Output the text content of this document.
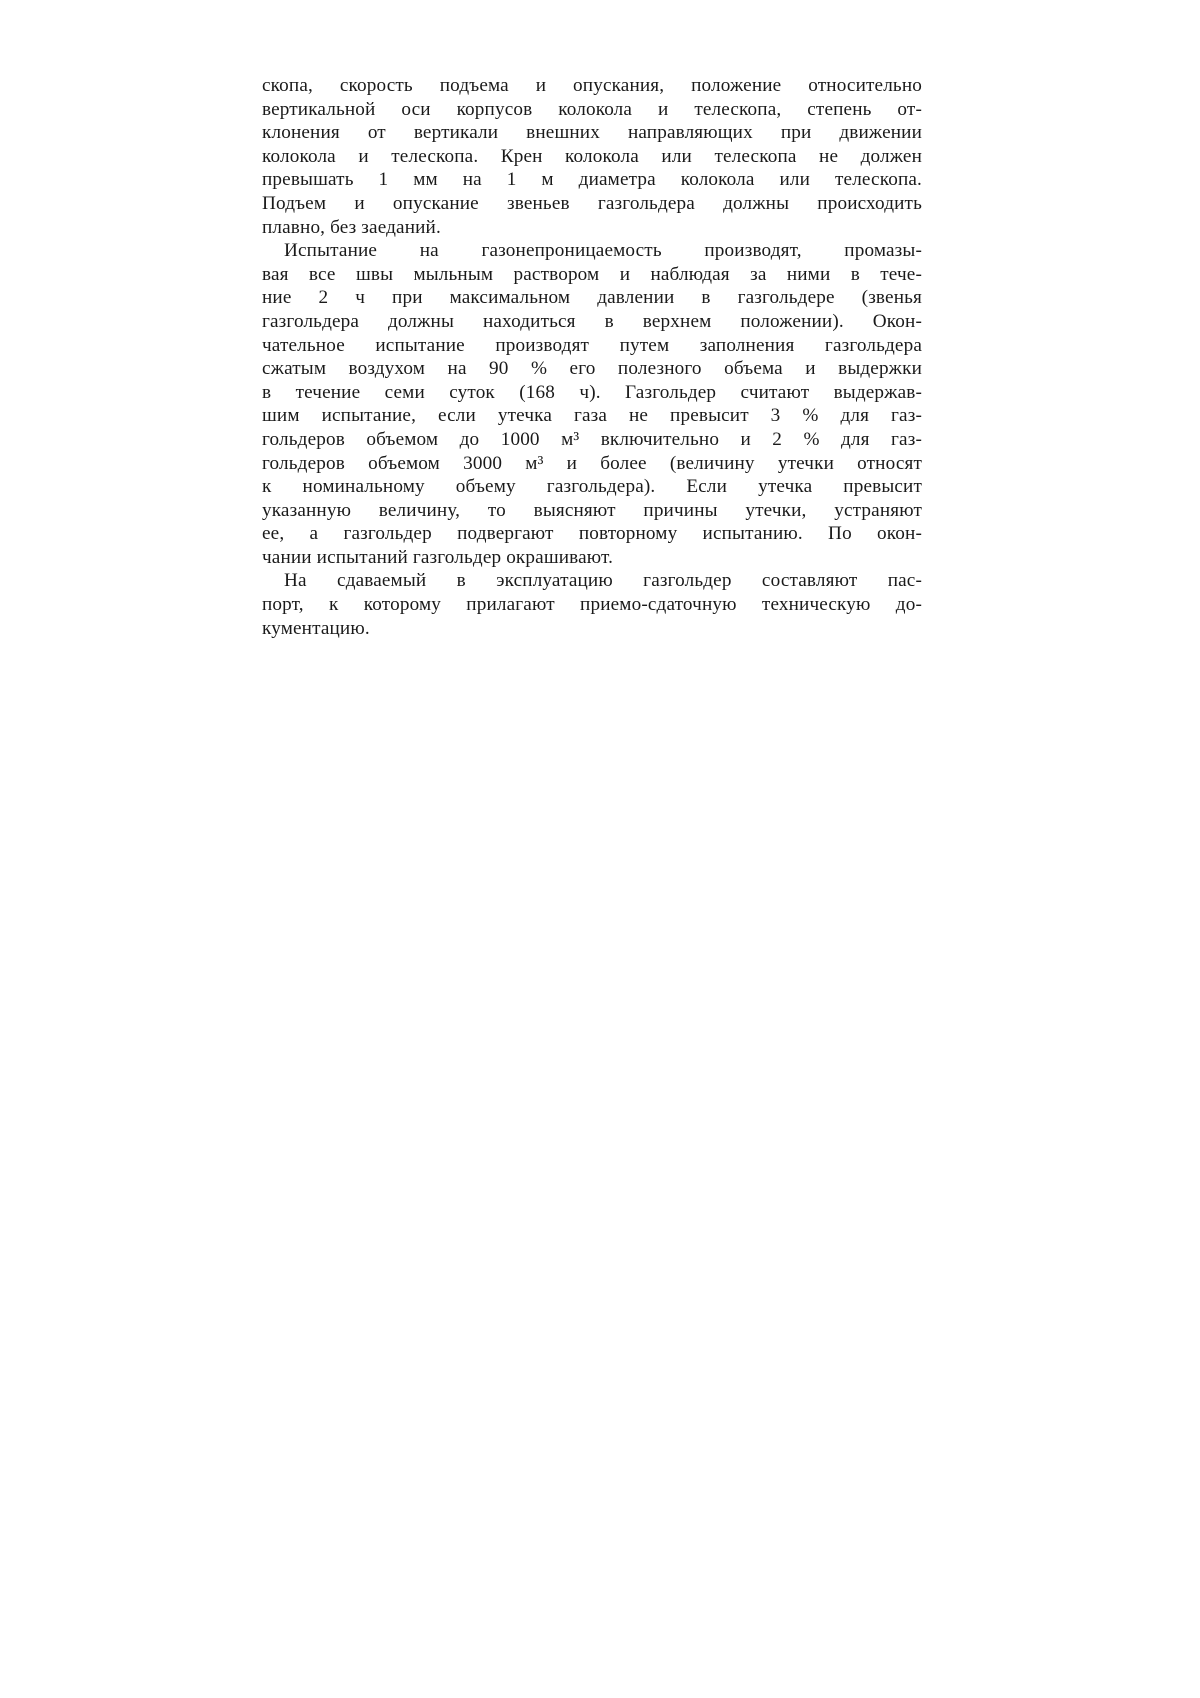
скопа, скорость подъема и опускания, положение относительно
вертикальной оси корпусов колокола и телескопа, степень от-
клонения от вертикали внешних направляющих при движении
колокола и телескопа. Крен колокола или телескопа не должен
превышать 1 мм на 1 м диаметра колокола или телескопа.
Подъем и опускание звеньев газгольдера должны происходить
плавно, без заеданий.
Испытание на газонепроницаемость производят, промазы-
вая все швы мыльным раствором и наблюдая за ними в тече-
ние 2 ч при максимальном давлении в газгольдере (звенья
газгольдера должны находиться в верхнем положении). Окон-
чательное испытание производят путем заполнения газгольдера
сжатым воздухом на 90 % его полезного объема и выдержки
в течение семи суток (168 ч). Газгольдер считают выдержав-
шим испытание, если утечка газа не превысит 3 % для газ-
гольдеров объемом до 1000 м³ включительно и 2 % для газ-
гольдеров объемом 3000 м³ и более (величину утечки относят
к номинальному объему газгольдера). Если утечка превысит
указанную величину, то выясняют причины утечки, устраняют
ее, а газгольдер подвергают повторному испытанию. По окон-
чании испытаний газгольдер окрашивают.
На сдаваемый в эксплуатацию газгольдер составляют пас-
порт, к которому прилагают приемо-сдаточную техническую до-
кументацию.
